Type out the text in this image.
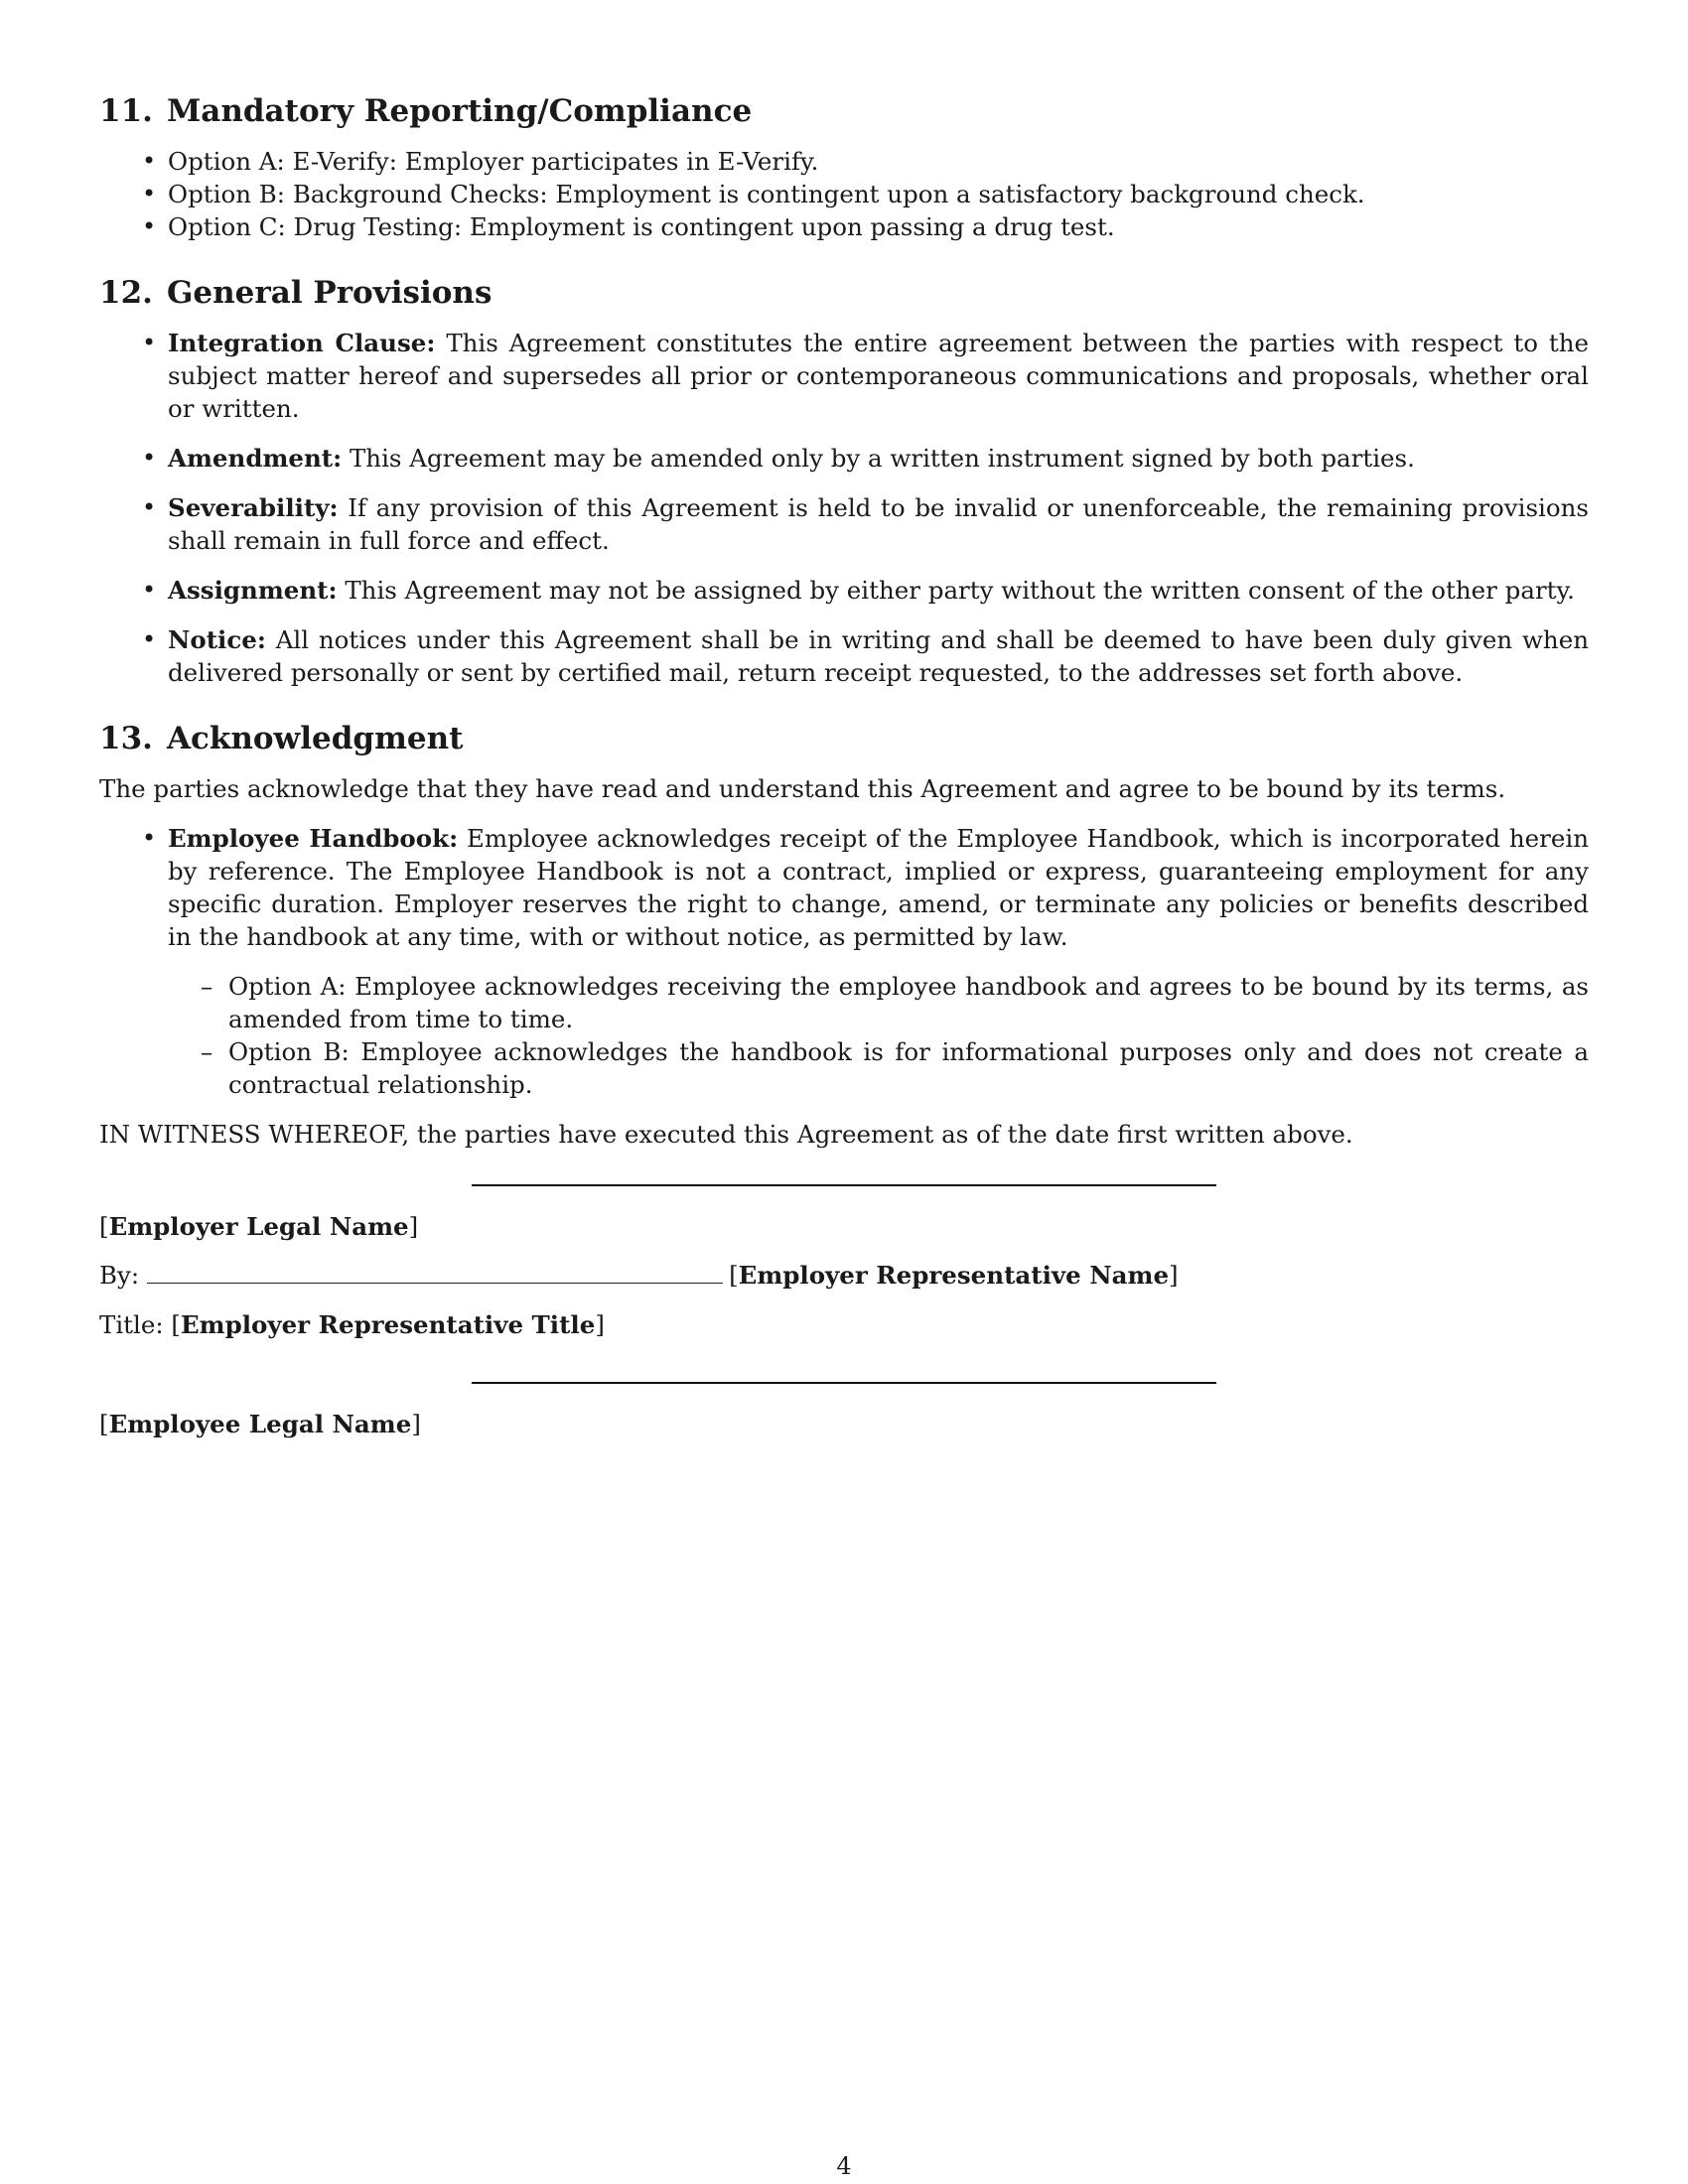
11. Mandatory Reporting/Compliance
• Option A: E-Verify: Employer participates in E-Verify.
• Option B: Background Checks: Employment is contingent upon a satisfactory background check.
• Option C: Drug Testing: Employment is contingent upon passing a drug test.
12. General Provisions
• Integration Clause: This Agreement constitutes the entire agreement between the parties with respect to the subject matter hereof and supersedes all prior or contemporaneous communications and proposals, whether oral or written.
• Amendment: This Agreement may be amended only by a written instrument signed by both parties.
• Severability: If any provision of this Agreement is held to be invalid or unenforceable, the remaining provisions shall remain in full force and effect.
• Assignment: This Agreement may not be assigned by either party without the written consent of the other party.
• Notice: All notices under this Agreement shall be in writing and shall be deemed to have been duly given when delivered personally or sent by certified mail, return receipt requested, to the addresses set forth above.
13. Acknowledgment

The parties acknowledge that they have read and understand this Agreement and agree to be bound by its terms.

• Employee Handbook: Employee acknowledges receipt of the Employee Handbook, which is incorporated herein by reference. The Employee Handbook is not a contract, implied or express, guaranteeing employment for any specific duration. Employer reserves the right to change, amend, or terminate any policies or benefits described in the handbook at any time, with or without notice, as permitted by law.
– Option A: Employee acknowledges receiving the employee handbook and agrees to be bound by its terms, as amended from time to time.
– Option B: Employee acknowledges the handbook is for informational purposes only and does not create a contractual relationship.

IN WITNESS WHEREOF, the parties have executed this Agreement as of the date first written above.

[Employer Legal Name]
By:	[Employer Representative Name]
Title: [Employer Representative Title]
[Employee Legal Name]
4
